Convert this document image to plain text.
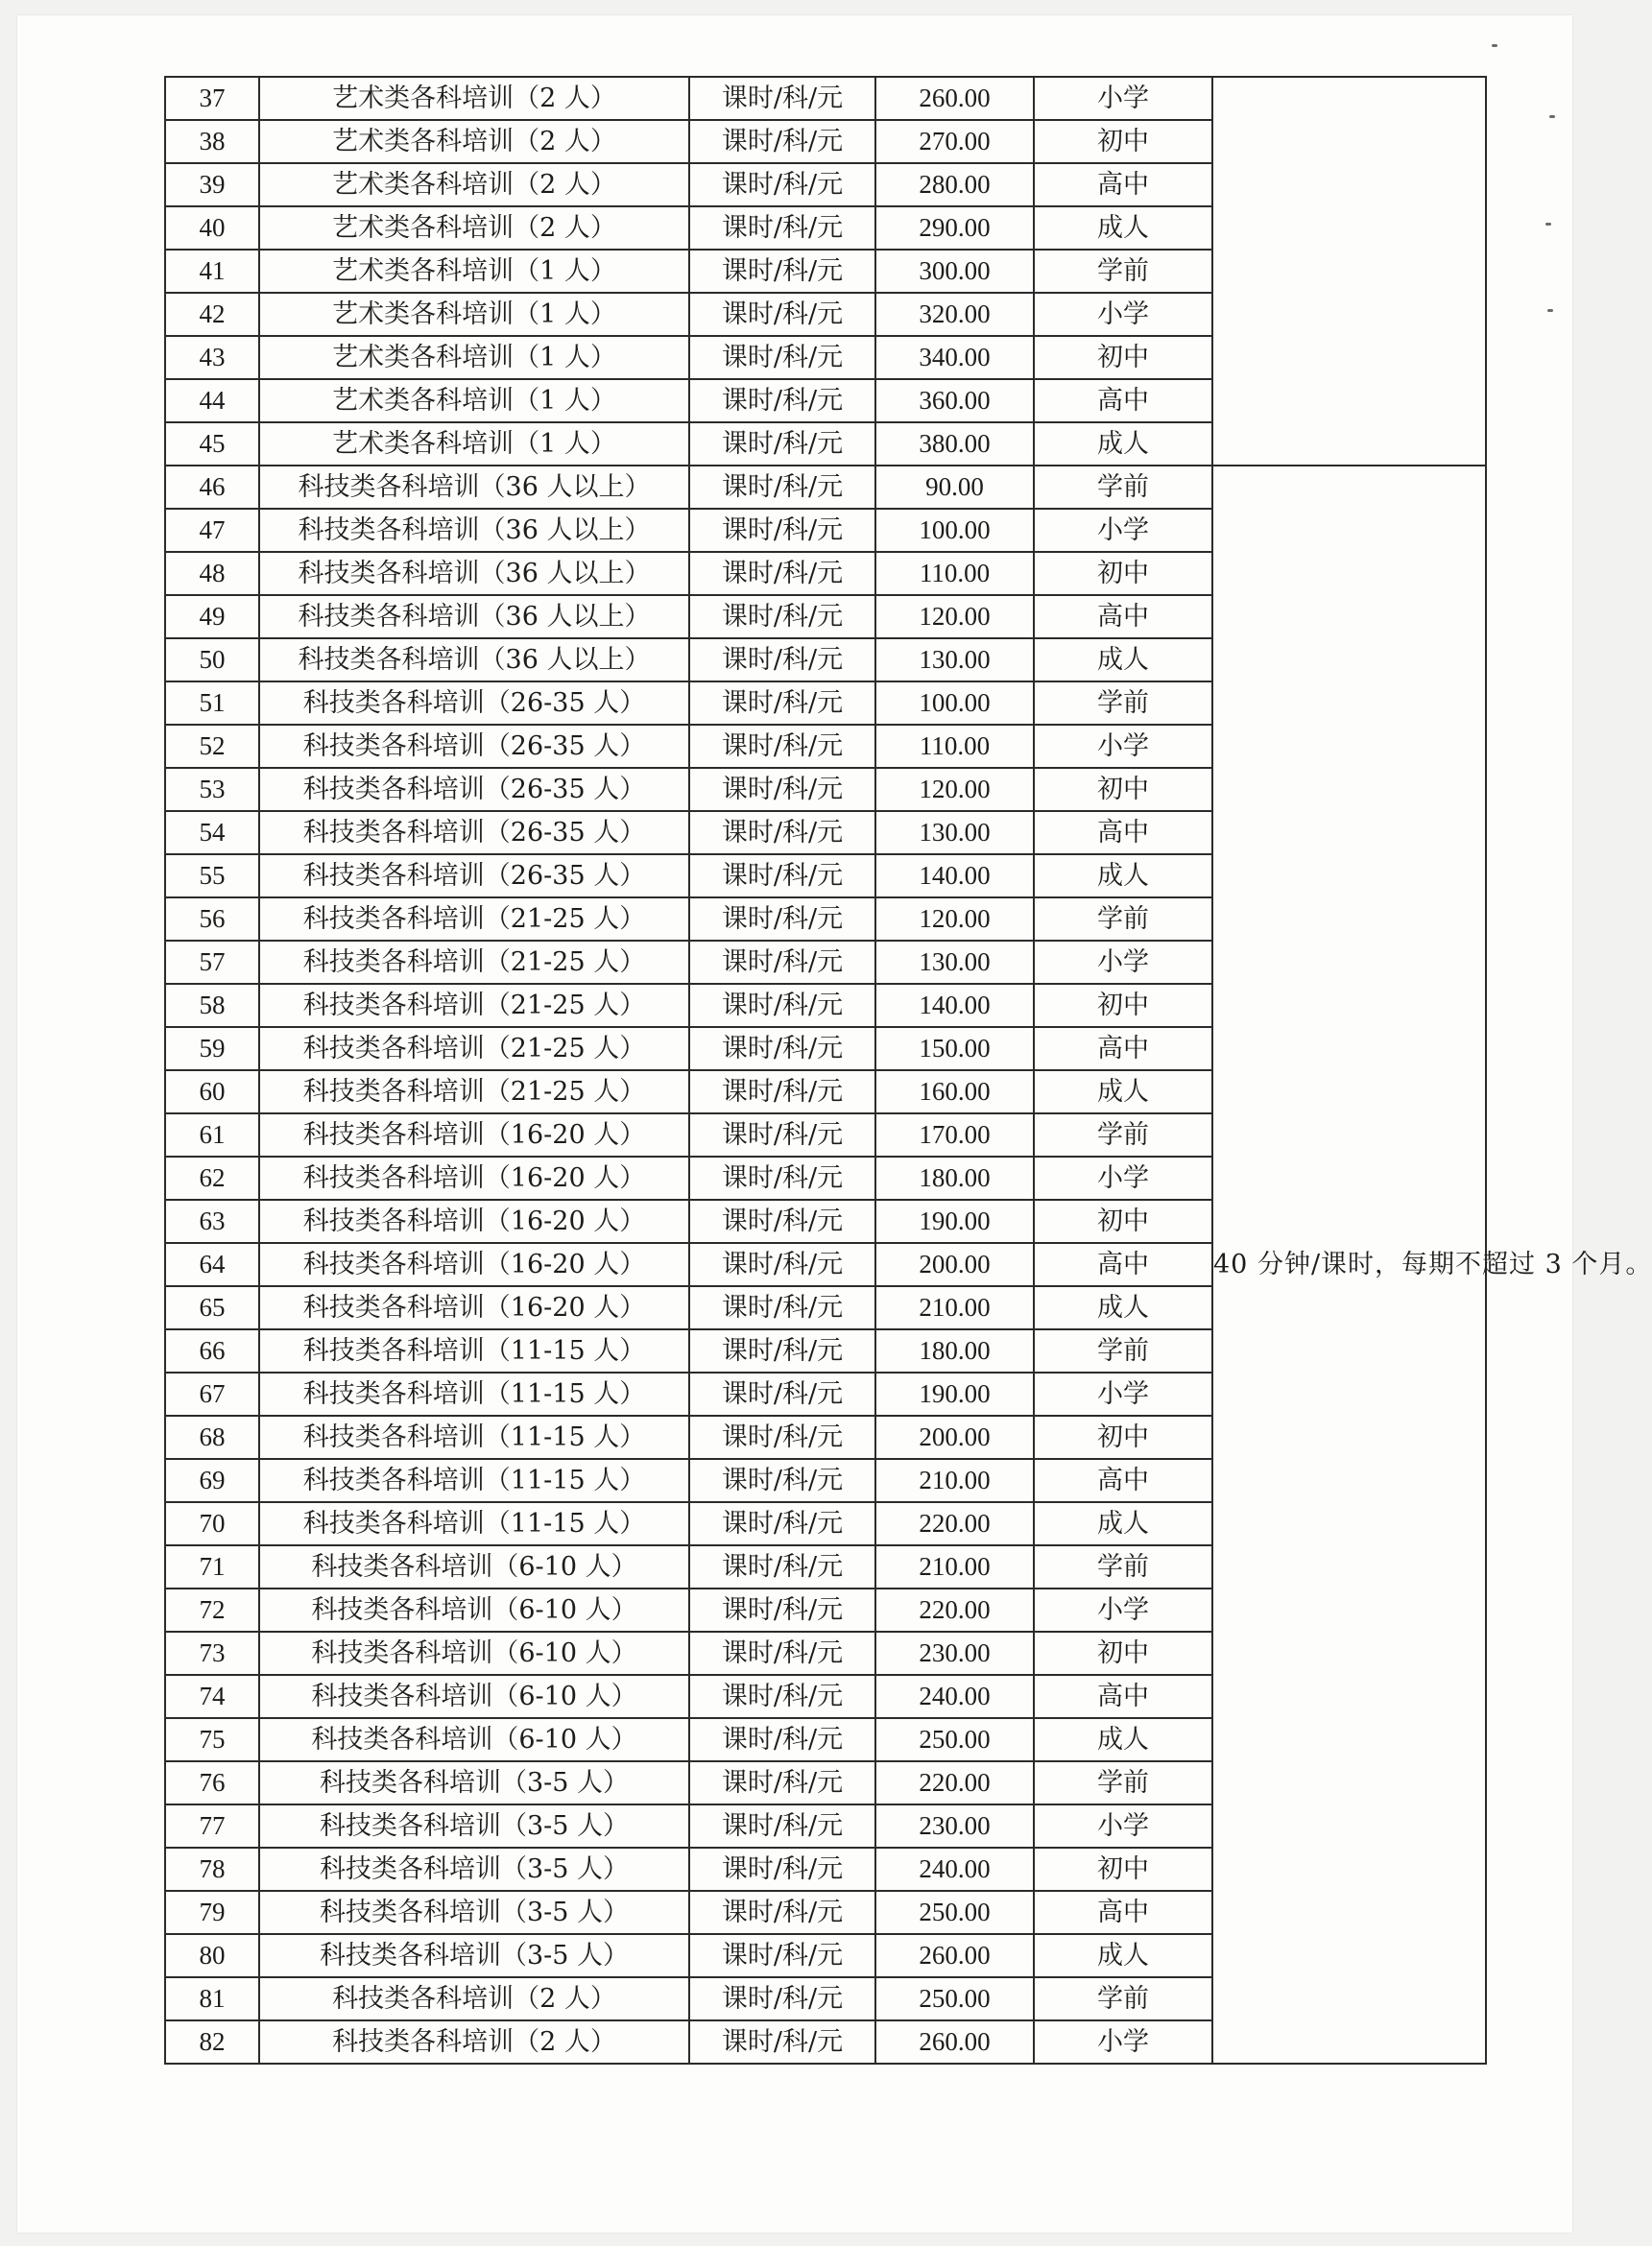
37	艺术类各科培训（2 人）	课时/科/元	260.00	小学	
38	艺术类各科培训（2 人）	课时/科/元	270.00	初中	
39	艺术类各科培训（2 人）	课时/科/元	280.00	高中	
40	艺术类各科培训（2 人）	课时/科/元	290.00	成人	
41	艺术类各科培训（1 人）	课时/科/元	300.00	学前	
42	艺术类各科培训（1 人）	课时/科/元	320.00	小学	
43	艺术类各科培训（1 人）	课时/科/元	340.00	初中	
44	艺术类各科培训（1 人）	课时/科/元	360.00	高中	
45	艺术类各科培训（1 人）	课时/科/元	380.00	成人	
46	科技类各科培训（36 人以上）	课时/科/元	90.00	学前	40 分钟/课时，每期不超过 3 个月。
47	科技类各科培训（36 人以上）	课时/科/元	100.00	小学	
48	科技类各科培训（36 人以上）	课时/科/元	110.00	初中	
49	科技类各科培训（36 人以上）	课时/科/元	120.00	高中	
50	科技类各科培训（36 人以上）	课时/科/元	130.00	成人	
51	科技类各科培训（26-35 人）	课时/科/元	100.00	学前	
52	科技类各科培训（26-35 人）	课时/科/元	110.00	小学	
53	科技类各科培训（26-35 人）	课时/科/元	120.00	初中	
54	科技类各科培训（26-35 人）	课时/科/元	130.00	高中	
55	科技类各科培训（26-35 人）	课时/科/元	140.00	成人	
56	科技类各科培训（21-25 人）	课时/科/元	120.00	学前	
57	科技类各科培训（21-25 人）	课时/科/元	130.00	小学	
58	科技类各科培训（21-25 人）	课时/科/元	140.00	初中	
59	科技类各科培训（21-25 人）	课时/科/元	150.00	高中	
60	科技类各科培训（21-25 人）	课时/科/元	160.00	成人	
61	科技类各科培训（16-20 人）	课时/科/元	170.00	学前	
62	科技类各科培训（16-20 人）	课时/科/元	180.00	小学	
63	科技类各科培训（16-20 人）	课时/科/元	190.00	初中	
64	科技类各科培训（16-20 人）	课时/科/元	200.00	高中	
65	科技类各科培训（16-20 人）	课时/科/元	210.00	成人	
66	科技类各科培训（11-15 人）	课时/科/元	180.00	学前	
67	科技类各科培训（11-15 人）	课时/科/元	190.00	小学	
68	科技类各科培训（11-15 人）	课时/科/元	200.00	初中	
69	科技类各科培训（11-15 人）	课时/科/元	210.00	高中	
70	科技类各科培训（11-15 人）	课时/科/元	220.00	成人	
71	科技类各科培训（6-10 人）	课时/科/元	210.00	学前	
72	科技类各科培训（6-10 人）	课时/科/元	220.00	小学	
73	科技类各科培训（6-10 人）	课时/科/元	230.00	初中	
74	科技类各科培训（6-10 人）	课时/科/元	240.00	高中	
75	科技类各科培训（6-10 人）	课时/科/元	250.00	成人	
76	科技类各科培训（3-5 人）	课时/科/元	220.00	学前	
77	科技类各科培训（3-5 人）	课时/科/元	230.00	小学	
78	科技类各科培训（3-5 人）	课时/科/元	240.00	初中	
79	科技类各科培训（3-5 人）	课时/科/元	250.00	高中	
80	科技类各科培训（3-5 人）	课时/科/元	260.00	成人	
81	科技类各科培训（2 人）	课时/科/元	250.00	学前	
82	科技类各科培训（2 人）	课时/科/元	260.00	小学	
